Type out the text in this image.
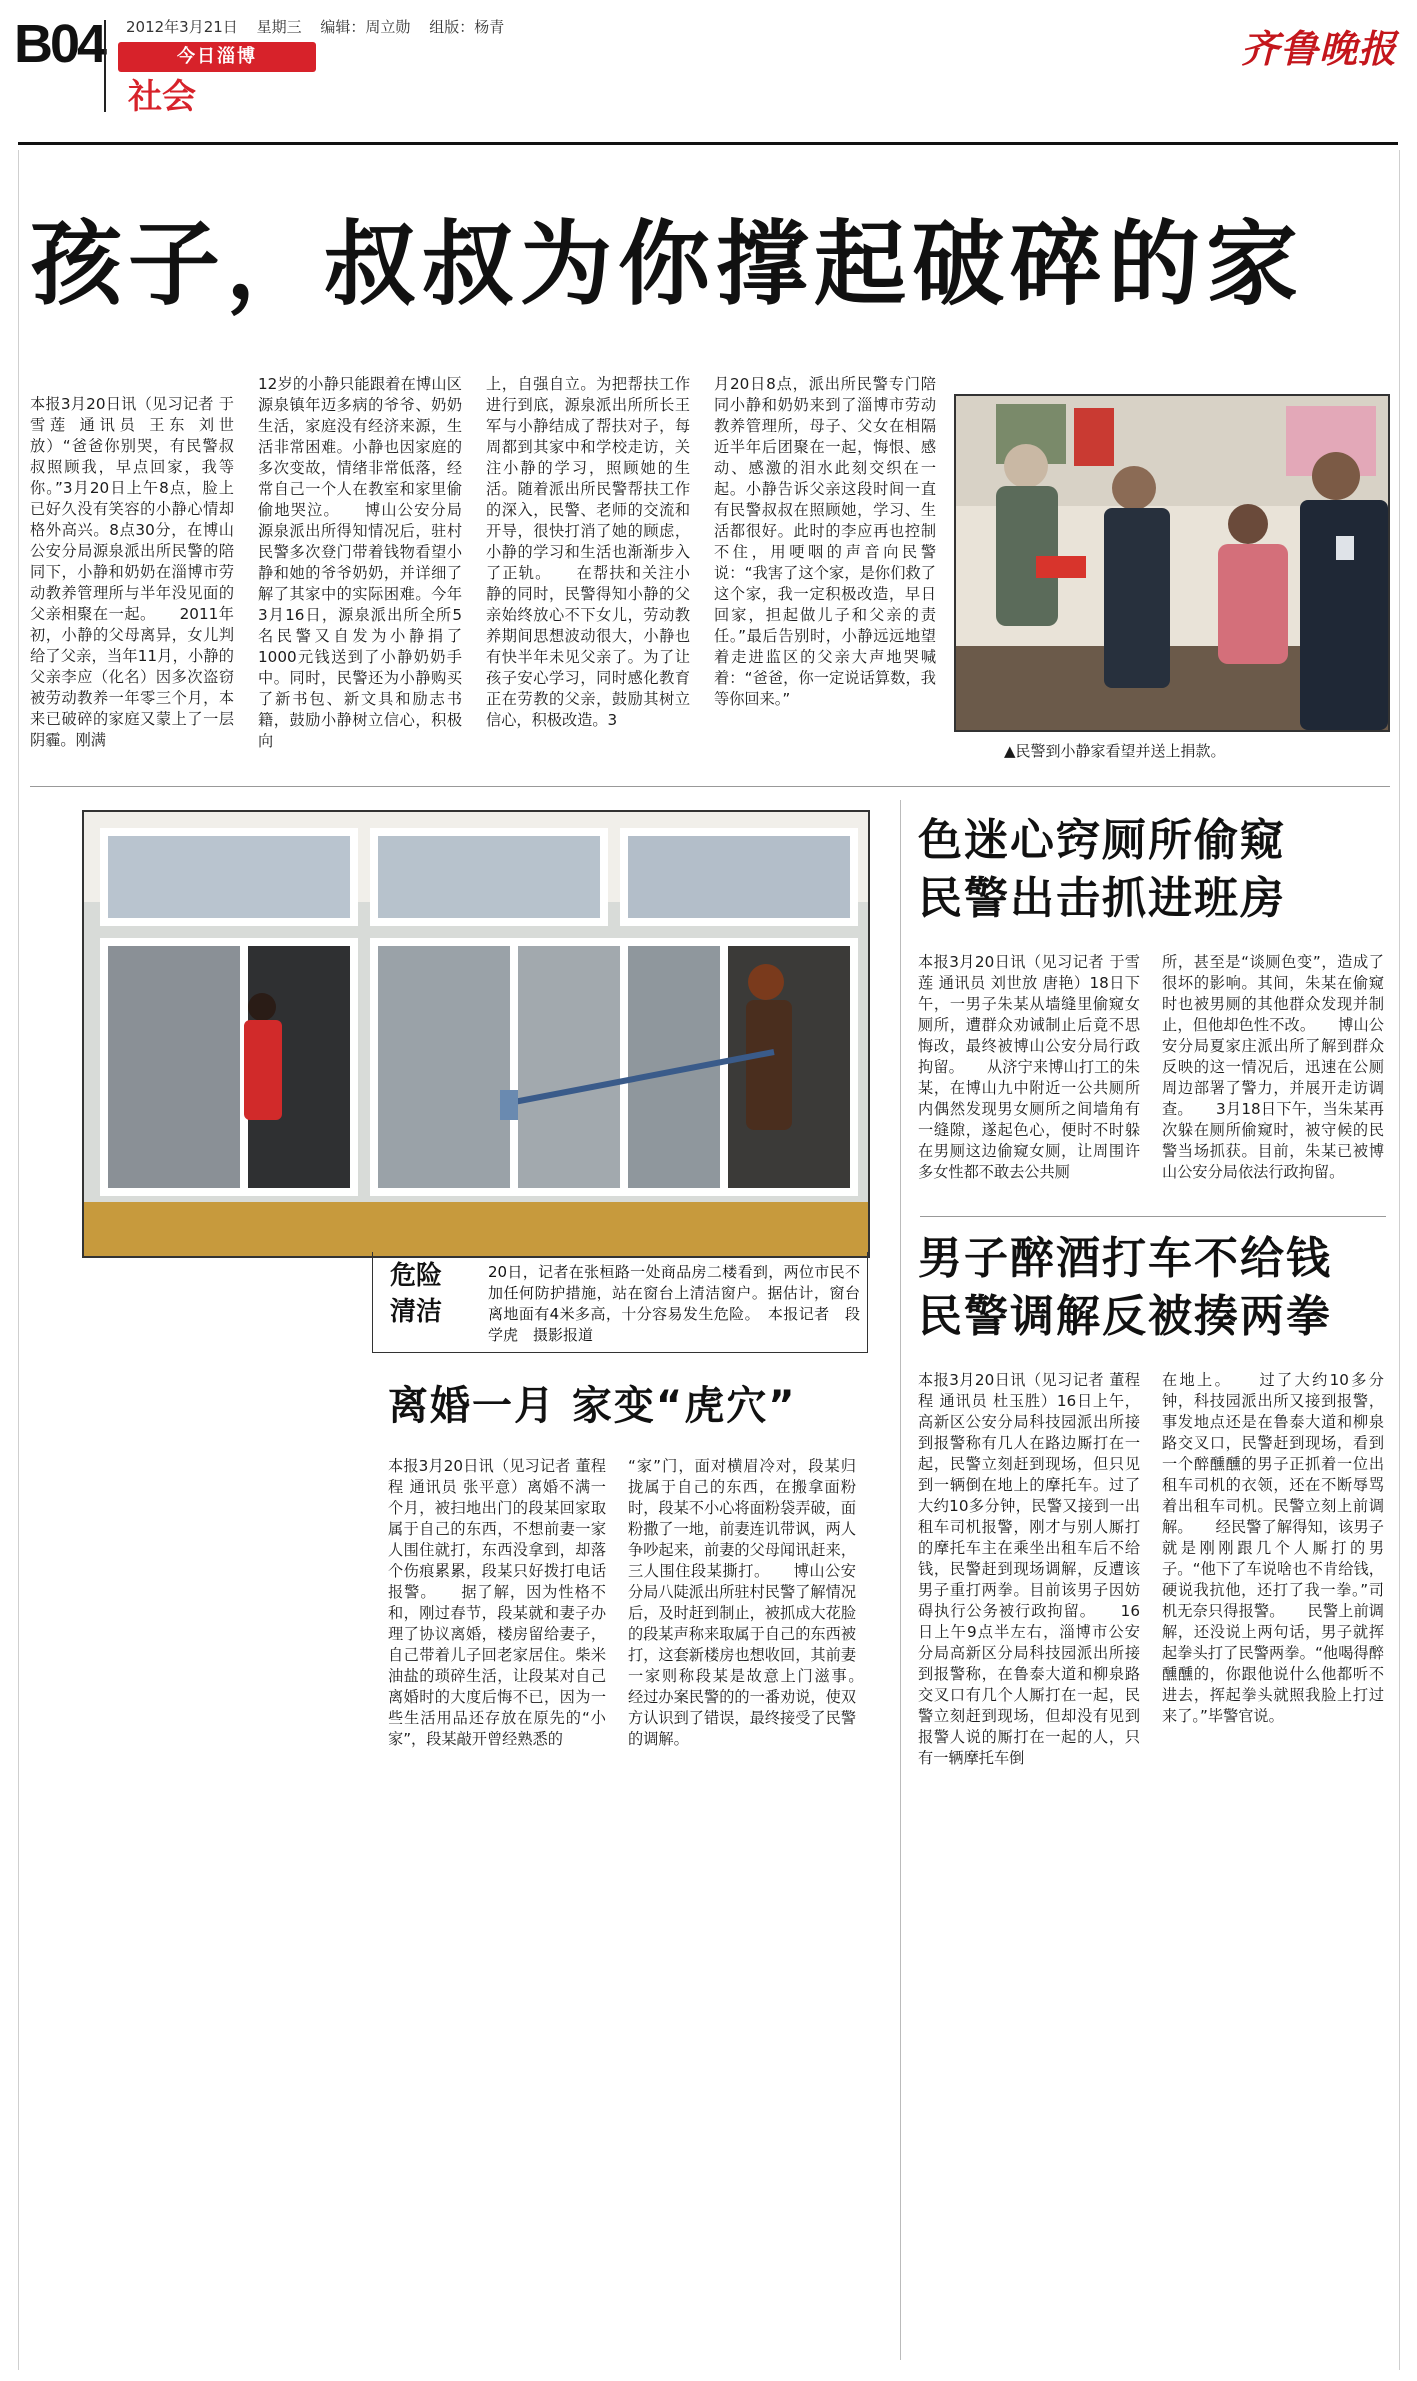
B04 2012年3月21日 星期三 编辑：周立勋 组版：杨青
今日淄博
社会
齐鲁晚报
孩子，叔叔为你撑起破碎的家
本报3月20日讯（见习记者 于雪莲 通讯员 王东 刘世放）“爸爸你别哭，有民警叔叔照顾我，早点回家，我等你。”3月20日上午8点，脸上已好久没有笑容的小静心情却格外高兴。8点30分，在博山公安分局源泉派出所民警的陪同下，小静和奶奶在淄博市劳动教养管理所与半年没见面的父亲相聚在一起。　　2011年初，小静的父母离异，女儿判给了父亲，当年11月，小静的父亲李应（化名）因多次盗窃被劳动教养一年零三个月，本来已破碎的家庭又蒙上了一层阴霾。刚满
12岁的小静只能跟着在博山区源泉镇年迈多病的爷爷、奶奶生活，家庭没有经济来源，生活非常困难。小静也因家庭的多次变故，情绪非常低落，经常自己一个人在教室和家里偷偷地哭泣。　　博山公安分局源泉派出所得知情况后，驻村民警多次登门带着钱物看望小静和她的爷爷奶奶，并详细了解了其家中的实际困难。今年3月16日，源泉派出所全所5名民警又自发为小静捐了1000元钱送到了小静奶奶手中。同时，民警还为小静购买了新书包、新文具和励志书籍，鼓励小静树立信心，积极向
上，自强自立。为把帮扶工作进行到底，源泉派出所所长王军与小静结成了帮扶对子，每周都到其家中和学校走访，关注小静的学习，照顾她的生活。随着派出所民警帮扶工作的深入，民警、老师的交流和开导，很快打消了她的顾虑，小静的学习和生活也渐渐步入了正轨。　　在帮扶和关注小静的同时，民警得知小静的父亲始终放心不下女儿，劳动教养期间思想波动很大，小静也有快半年未见父亲了。为了让孩子安心学习，同时感化教育正在劳教的父亲，鼓励其树立信心，积极改造。3
月20日8点，派出所民警专门陪同小静和奶奶来到了淄博市劳动教养管理所，母子、父女在相隔近半年后团聚在一起，悔恨、感动、感激的泪水此刻交织在一起。小静告诉父亲这段时间一直有民警叔叔在照顾她，学习、生活都很好。此时的李应再也控制不住，用哽咽的声音向民警说：“我害了这个家，是你们救了这个家，我一定积极改造，早日回家，担起做儿子和父亲的责任。”最后告别时，小静远远地望着走进监区的父亲大声地哭喊着：“爸爸，你一定说话算数，我等你回来。”
▲民警到小静家看望并送上捐款。
危险
清洁
20日，记者在张桓路一处商品房二楼看到，两位市民不加任何防护措施，站在窗台上清洁窗户。据估计，窗台离地面有4米多高，十分容易发生危险。　本报记者　段学虎　摄影报道
离婚一月 家变“虎穴”
本报3月20日讯（见习记者 董程程 通讯员 张平意）离婚不满一个月，被扫地出门的段某回家取属于自己的东西，不想前妻一家人围住就打，东西没拿到，却落个伤痕累累，段某只好拨打电话报警。　　据了解，因为性格不和，刚过春节，段某就和妻子办理了协议离婚，楼房留给妻子，自己带着儿子回老家居住。柴米油盐的琐碎生活，让段某对自己离婚时的大度后悔不已，因为一些生活用品还存放在原先的“小家”，段某敲开曾经熟悉的
“家”门，面对横眉冷对，段某归拢属于自己的东西，在搬拿面粉时，段某不小心将面粉袋弄破，面粉撒了一地，前妻连讥带讽，两人争吵起来，前妻的父母闻讯赶来，三人围住段某撕打。　　博山公安分局八陡派出所驻村民警了解情况后，及时赶到制止，被抓成大花脸的段某声称来取属于自己的东西被打，这套新楼房也想收回，其前妻一家则称段某是故意上门滋事。　　经过办案民警的的一番劝说，使双方认识到了错误，最终接受了民警的调解。
色迷心窍厕所偷窥
民警出击抓进班房
本报3月20日讯（见习记者 于雪莲 通讯员 刘世放 唐艳）18日下午，一男子朱某从墙缝里偷窥女厕所，遭群众劝诫制止后竟不思悔改，最终被博山公安分局行政拘留。　　从济宁来博山打工的朱某，在博山九中附近一公共厕所内偶然发现男女厕所之间墙角有一缝隙，遂起色心，便时不时躲在男厕这边偷窥女厕，让周围许多女性都不敢去公共厕
所，甚至是“谈厕色变”，造成了很坏的影响。其间，朱某在偷窥时也被男厕的其他群众发现并制止，但他却色性不改。　　博山公安分局夏家庄派出所了解到群众反映的这一情况后，迅速在公厕周边部署了警力，并展开走访调查。　　3月18日下午，当朱某再次躲在厕所偷窥时，被守候的民警当场抓获。目前，朱某已被博山公安分局依法行政拘留。
男子醉酒打车不给钱
民警调解反被揍两拳
本报3月20日讯（见习记者 董程程 通讯员 杜玉胜）16日上午，高新区公安分局科技园派出所接到报警称有几人在路边厮打在一起，民警立刻赶到现场，但只见到一辆倒在地上的摩托车。过了大约10多分钟，民警又接到一出租车司机报警，刚才与别人厮打的摩托车主在乘坐出租车后不给钱，民警赶到现场调解，反遭该男子重打两拳。目前该男子因妨碍执行公务被行政拘留。　　16日上午9点半左右，淄博市公安分局高新区分局科技园派出所接到报警称，在鲁泰大道和柳泉路交叉口有几个人厮打在一起，民警立刻赶到现场，但却没有见到报警人说的厮打在一起的人，只有一辆摩托车倒
在地上。　　过了大约10多分钟，科技园派出所又接到报警，事发地点还是在鲁泰大道和柳泉路交叉口，民警赶到现场，看到一个醉醺醺的男子正抓着一位出租车司机的衣领，还在不断辱骂着出租车司机。民警立刻上前调解。　　经民警了解得知，该男子就是刚刚跟几个人厮打的男子。“他下了车说啥也不肯给钱，硬说我抗他，还打了我一拳。”司机无奈只得报警。　　民警上前调解，还没说上两句话，男子就挥起拳头打了民警两拳。“他喝得醉醺醺的，你跟他说什么他都听不进去，挥起拳头就照我脸上打过来了。”毕警官说。
